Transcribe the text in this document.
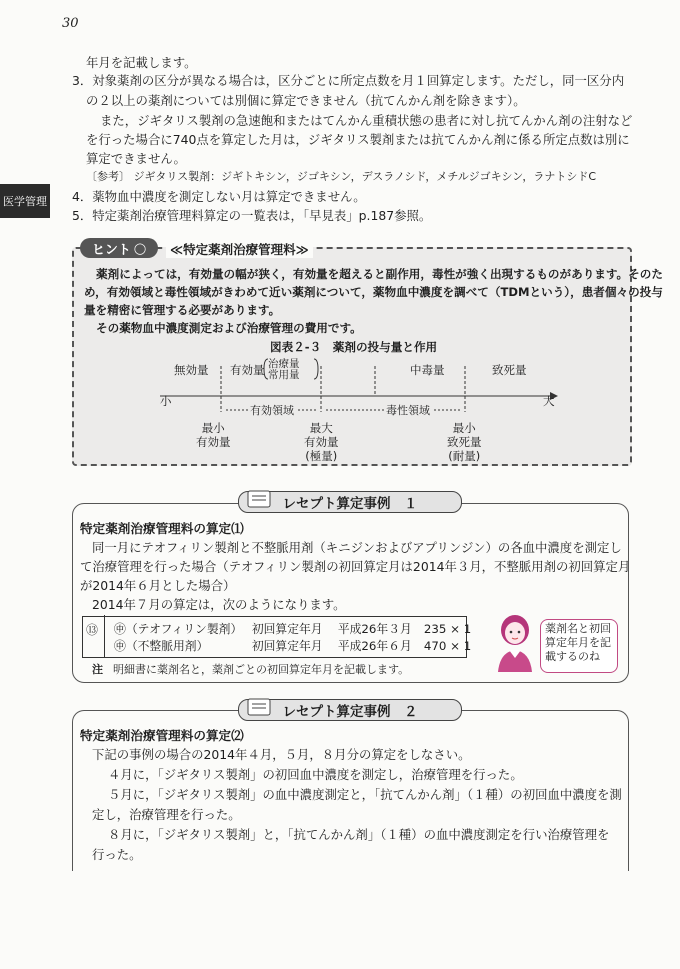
30
医学管理
年月を記載します。
3．対象薬剤の区分が異なる場合は，区分ごとに所定点数を月１回算定します。ただし，同一区分内
の２以上の薬剤については別個に算定できません（抗てんかん剤を除きます）。
また，ジギタリス製剤の急速飽和またはてんかん重積状態の患者に対し抗てんかん剤の注射など
を行った場合に740点を算定した月は，ジギタリス製剤または抗てんかん剤に係る所定点数は別に
算定できません。
〔参考〕 ジギタリス製剤：ジギトキシン，ジゴキシン，デスラノシド，メチルジゴキシン，ラナトシドC
4．薬物血中濃度を測定しない月は算定できません。
5．特定薬剤治療管理料算定の一覧表は，「早見表」p.187参照。
ヒント ◯	≪特定薬剤治療管理料≫
薬剤によっては，有効量の幅が狭く，有効量を超えると副作用，毒性が強く出現するものがあります。そのた
め，有効領域と毒性領域がきわめて近い薬剤について，薬物血中濃度を調べて（TDMという），患者個々の投与
量を精密に管理する必要があります。
その薬物血中濃度測定および治療管理の費用です。
図表２-３　薬剤の投与量と作用
無効量 有効量 治療量
常用量	中毒量	致死量
小	大
有効領域	毒性領域
最小
有効量
最大
有効量
(極量)
最小
致死量
(耐量)
レセプト算定事例　１
特定薬剤治療管理料の算定⑴
同一月にテオフィリン製剤と不整脈用剤（キニジンおよびアプリンジン）の各血中濃度を測定し
て治療管理を行った場合（テオフィリン製剤の初回算定月は2014年３月，不整脈用剤の初回算定月
が2014年６月とした場合）
2014年７月の算定は，次のようになります。
⑬ ㊥（テオフィリン製剤） 初回算定年月 平成26年３月 235 × 1
㊥（不整脈用剤）	初回算定年月 平成26年６月 470 × 1
注 明細書に薬剤名と，薬剤ごとの初回算定年月を記載します。
薬剤名と初回
算定年月を記
載するのね
レセプト算定事例　２
特定薬剤治療管理料の算定⑵
下記の事例の場合の2014年４月，５月，８月分の算定をしなさい。
４月に，「ジギタリス製剤」の初回血中濃度を測定し，治療管理を行った。
５月に，「ジギタリス製剤」の血中濃度測定と，「抗てんかん剤」（１種）の初回血中濃度を測
定し，治療管理を行った。
８月に，「ジギタリス製剤」と，「抗てんかん剤」（１種）の血中濃度測定を行い治療管理を
行った。
